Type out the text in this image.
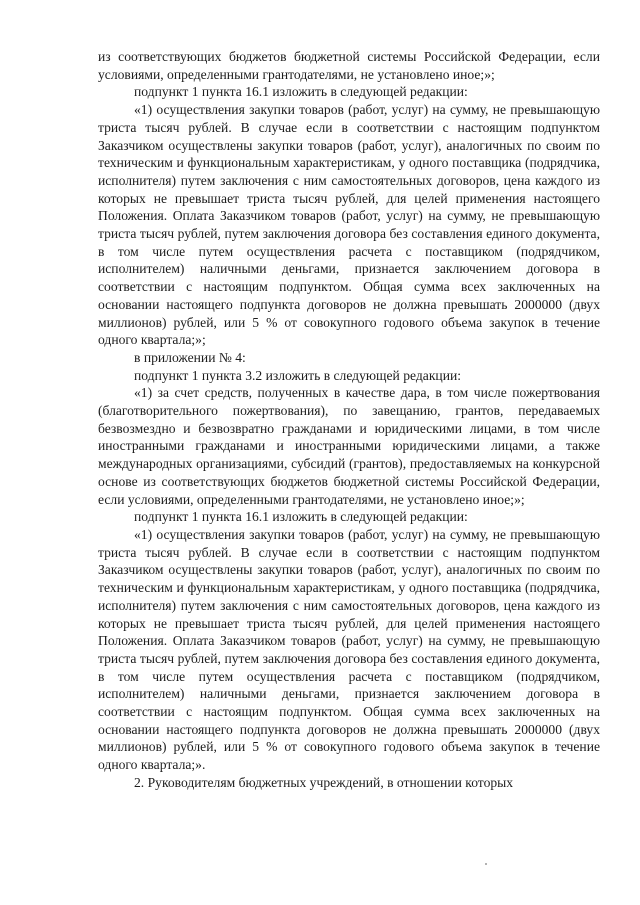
из соответствующих бюджетов бюджетной системы Российской Федерации, если условиями, определенными грантодателями, не установлено иное;»;

подпункт 1 пункта 16.1 изложить в следующей редакции:

«1) осуществления закупки товаров (работ, услуг) на сумму, не превышающую триста тысяч рублей. В случае если в соответствии с настоящим подпунктом Заказчиком осуществлены закупки товаров (работ, услуг), аналогичных по своим по техническим и функциональным характеристикам, у одного поставщика (подрядчика, исполнителя) путем заключения с ним самостоятельных договоров, цена каждого из которых не превышает триста тысяч рублей, для целей применения настоящего Положения. Оплата Заказчиком товаров (работ, услуг) на сумму, не превышающую триста тысяч рублей, путем заключения договора без составления единого документа, в том числе путем осуществления расчета с поставщиком (подрядчиком, исполнителем) наличными деньгами, признается заключением договора в соответствии с настоящим подпунктом. Общая сумма всех заключенных на основании настоящего подпункта договоров не должна превышать 2000000 (двух миллионов) рублей, или 5 % от совокупного годового объема закупок в течение одного квартала;»;

в приложении № 4:

подпункт 1 пункта 3.2 изложить в следующей редакции:

«1) за счет средств, полученных в качестве дара, в том числе пожертвования (благотворительного пожертвования), по завещанию, грантов, передаваемых безвозмездно и безвозвратно гражданами и юридическими лицами, в том числе иностранными гражданами и иностранными юридическими лицами, а также международных организациями, субсидий (грантов), предоставляемых на конкурсной основе из соответствующих бюджетов бюджетной системы Российской Федерации, если условиями, определенными грантодателями, не установлено иное;»;

подпункт 1 пункта 16.1 изложить в следующей редакции:

«1) осуществления закупки товаров (работ, услуг) на сумму, не превышающую триста тысяч рублей. В случае если в соответствии с настоящим подпунктом Заказчиком осуществлены закупки товаров (работ, услуг), аналогичных по своим по техническим и функциональным характеристикам, у одного поставщика (подрядчика, исполнителя) путем заключения с ним самостоятельных договоров, цена каждого из которых не превышает триста тысяч рублей, для целей применения настоящего Положения. Оплата Заказчиком товаров (работ, услуг) на сумму, не превышающую триста тысяч рублей, путем заключения договора без составления единого документа, в том числе путем осуществления расчета с поставщиком (подрядчиком, исполнителем) наличными деньгами, признается заключением договора в соответствии с настоящим подпунктом. Общая сумма всех заключенных на основании настоящего подпункта договоров не должна превышать 2000000 (двух миллионов) рублей, или 5 % от совокупного годового объема закупок в течение одного квартала;».

2. Руководителям бюджетных учреждений, в отношении которых
